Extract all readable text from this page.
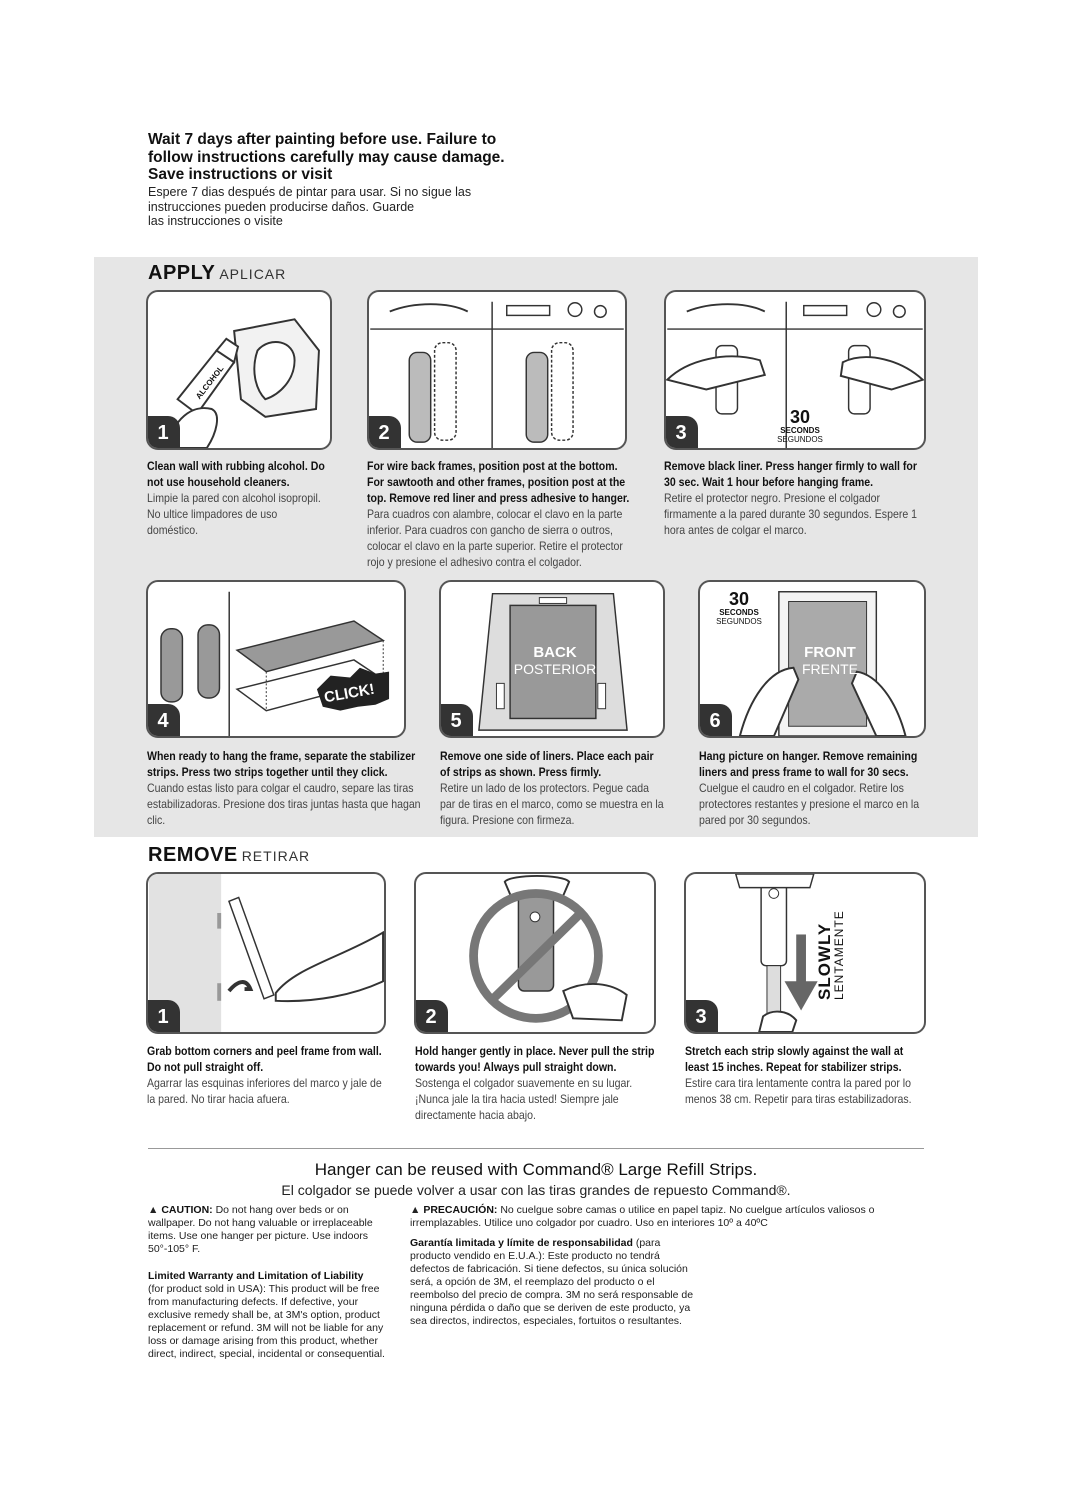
Wait 7 days after painting before use. Failure to
follow instructions carefully may cause damage.
Save instructions or visit
Espere 7 dias después de pintar para usar. Si no sigue las
instrucciones pueden producirse daños. Guarde
las instrucciones o visite
APPLY APLICAR
ALCOHOL
1
Clean wall with rubbing alcohol. Do not use household cleaners.
Limpie la pared con alcohol isopropil. No ultice limpadores de uso doméstico.
2
For wire back frames, position post at the bottom. For sawtooth and other frames, position post at the top. Remove red liner and press adhesive to hanger.
Para cuadros con alambre, colocar el clavo en la parte inferior. Para cuadros con gancho de sierra o outros, colocar el clavo en la parte superior. Retire el protector rojo y presione el adhesivo contra el colgador.
30
SECONDS
SEGUNDOS
3
Remove black liner. Press hanger firmly to wall for 30 sec. Wait 1 hour before hanging frame.
Retire el protector negro. Presione el colgador firmamente a la pared durante 30 segundos. Espere 1 hora antes de colgar el marco.
CLICK!
4
When ready to hang the frame, separate the stabilizer strips. Press two strips together until they click.
Cuando estas listo para colgar el caudro, separe las tiras estabilizadoras. Presione dos tiras juntas hasta que hagan clic.
BACK
POSTERIOR
5
Remove one side of liners. Place each pair of strips as shown. Press firmly.
Retire un lado de los protectors. Pegue cada par de tiras en el marco, como se muestra en la figura. Presione con firmeza.
FRONT
FRENTE
30
SECONDS
SEGUNDOS
6
Hang picture on hanger. Remove remaining liners and press frame to wall for 30 secs.
Cuelgue el caudro en el colgador. Retire los protectores restantes y presione el marco en la pared por 30 segundos.
REMOVE RETIRAR
1
Grab bottom corners and peel frame from wall. Do not pull straight off.
Agarrar las esquinas inferiores del marco y jale de la pared. No tirar hacia afuera.
2
Hold hanger gently in place. Never pull the strip towards you! Always pull straight down.
Sostenga el colgador suavemente en su lugar. ¡Nunca jale la tira hacia usted! Siempre jale directamente hacia abajo.
SLOWLY
LENTAMENTE
3
Stretch each strip slowly against the wall at least 15 inches. Repeat for stabilizer strips.
Estire cara tira lentamente contra la pared por lo menos 38 cm. Repetir para tiras estabilizadoras.
Hanger can be reused with Command® Large Refill Strips.
El colgador se puede volver a usar con las tiras grandes de repuesto Command®.
▲ CAUTION: Do not hang over beds or on wallpaper. Do not hang valuable or irreplaceable items. Use one hanger per picture. Use indoors 50°-105° F.
Limited Warranty and Limitation of Liability
(for product sold in USA): This product will be free from manufacturing defects. If defective, your exclusive remedy shall be, at 3M's option, product replacement or refund. 3M will not be liable for any loss or damage arising from this product, whether direct, indirect, special, incidental or consequential.
▲ PRECAUCIÓN: No cuelgue sobre camas o utilice en papel tapiz. No cuelgue artículos valiosos o irremplazables. Utilice uno colgador por cuadro. Uso en interiores 10º a 40ºC
Garantía limitada y límite de responsabilidad (para producto vendido en E.U.A.): Este producto no tendrá defectos de fabricación. Si tiene defectos, su única solución será, a opción de 3M, el reemplazo del producto o el reembolso del precio de compra. 3M no será responsable de ninguna pérdida o daño que se deriven de este producto, ya sea directos, indirectos, especiales, fortuitos o resultantes.
